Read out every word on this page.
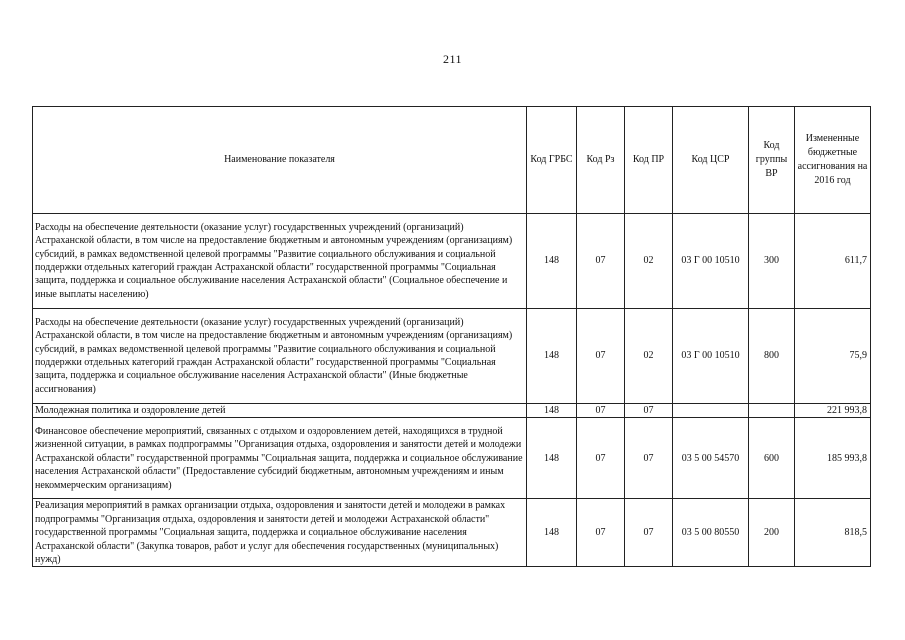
211
Наименование показателя	Код ГРБС	Код Рз	Код ПР	Код ЦСР	Код группы ВР	Измененные бюджетные ассигнования на 2016 год
Расходы на обеспечение деятельности (оказание услуг) государственных учреждений (организаций) Астраханской области, в том числе на предоставление бюджетным и автономным учреждениям (организациям) субсидий, в рамках ведомственной целевой программы "Развитие социального обслуживания и социальной поддержки отдельных категорий граждан Астраханской области" государственной программы "Социальная защита, поддержка и социальное обслуживание населения Астраханской области" (Социальное обеспечение и иные выплаты населению)	148	07	02	03 Г 00 10510	300	611,7
Расходы на обеспечение деятельности (оказание услуг) государственных учреждений (организаций) Астраханской области, в том числе на предоставление бюджетным и автономным учреждениям (организациям) субсидий, в рамках ведомственной целевой программы "Развитие социального обслуживания и социальной поддержки отдельных категорий граждан Астраханской области" государственной программы "Социальная защита, поддержка и социальное обслуживание населения Астраханской области" (Иные бюджетные ассигнования)	148	07	02	03 Г 00 10510	800	75,9
Молодежная политика и оздоровление детей	148	07	07			221 993,8
Финансовое обеспечение мероприятий, связанных с отдыхом и оздоровлением детей, находящихся в трудной жизненной ситуации, в рамках подпрограммы "Организация отдыха, оздоровления и занятости детей и молодежи Астраханской области" государственной программы "Социальная защита, поддержка и социальное обслуживание населения Астраханской области" (Предоставление субсидий бюджетным, автономным учреждениям и иным некоммерческим организациям)	148	07	07	03 5 00 54570	600	185 993,8
Реализация мероприятий в рамках организации отдыха, оздоровления и занятости детей и молодежи в рамках подпрограммы "Организация отдыха, оздоровления и занятости детей и молодежи Астраханской области" государственной программы "Социальная защита, поддержка и социальное обслуживание населения Астраханской области" (Закупка товаров, работ и услуг для обеспечения государственных (муниципальных) нужд)	148	07	07	03 5 00 80550	200	818,5
